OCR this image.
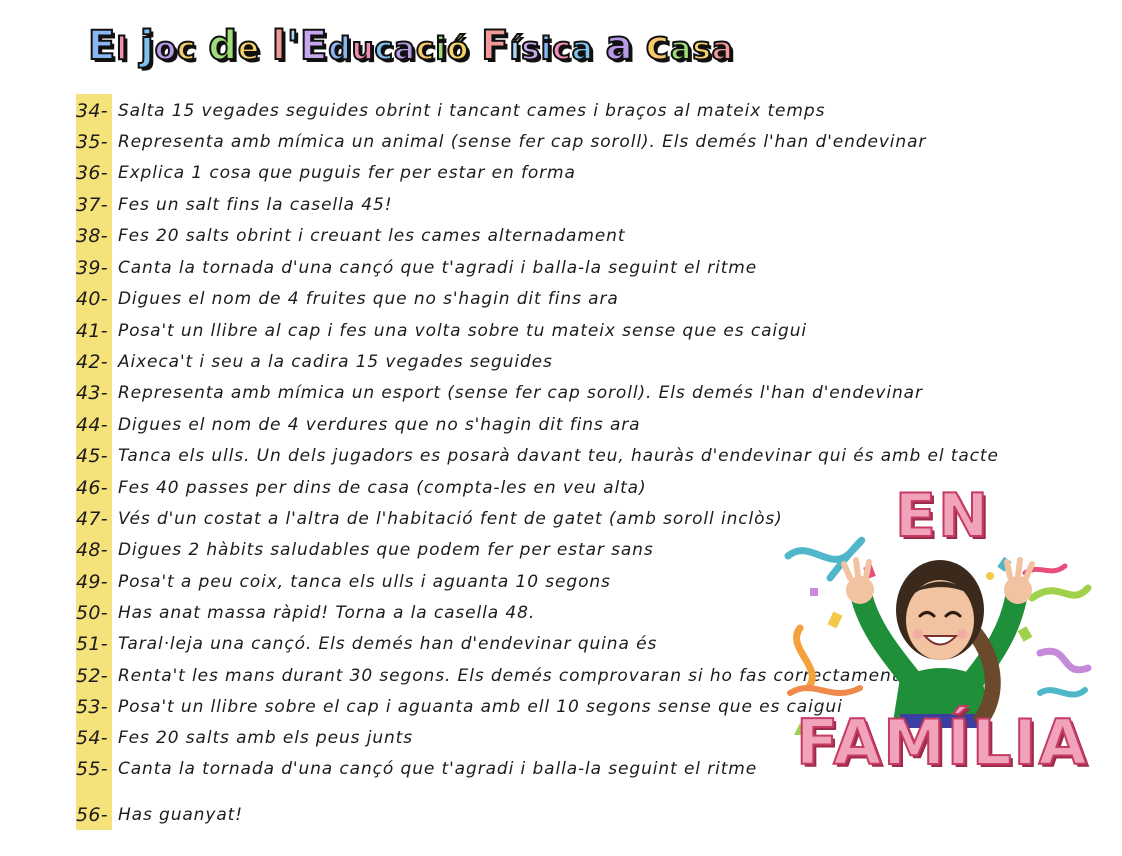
E l j o c d e l ' E d u c a c i ó F í s i c a a c a s a
34- Salta 15 vegades seguides obrint i tancant cames i braços al mateix temps
35- Representa amb mímica un animal (sense fer cap soroll). Els demés l'han d'endevinar
36- Explica 1 cosa que puguis fer per estar en forma
37- Fes un salt fins la casella 45!
38- Fes 20 salts obrint i creuant les cames alternadament
39- Canta la tornada d'una cançó que t'agradi i balla-la seguint el ritme
40- Digues el nom de 4 fruites que no s'hagin dit fins ara
41- Posa't un llibre al cap i fes una volta sobre tu mateix sense que es caigui
42- Aixeca't i seu a la cadira 15 vegades seguides
43- Representa amb mímica un esport (sense fer cap soroll). Els demés l'han d'endevinar
44- Digues el nom de 4 verdures que no s'hagin dit fins ara
45- Tanca els ulls. Un dels jugadors es posarà davant teu, hauràs d'endevinar qui és amb el tacte
46- Fes 40 passes per dins de casa (compta-les en veu alta)
47- Vés d'un costat a l'altra de l'habitació fent de gatet (amb soroll inclòs)
48- Digues 2 hàbits saludables que podem fer per estar sans
49- Posa't a peu coix, tanca els ulls i aguanta 10 segons
50- Has anat massa ràpid! Torna a la casella 48.
51- Taral·leja una cançó. Els demés han d'endevinar quina és
52- Renta't les mans durant 30 segons. Els demés comprovaran si ho fas correctament
53- Posa't un llibre sobre el cap i aguanta amb ell 10 segons sense que es caigui
54- Fes 20 salts amb els peus junts
55- Canta la tornada d'una cançó que t'agradi i balla-la seguint el ritme
56- Has guanyat!
EN
FAMÍLIA
